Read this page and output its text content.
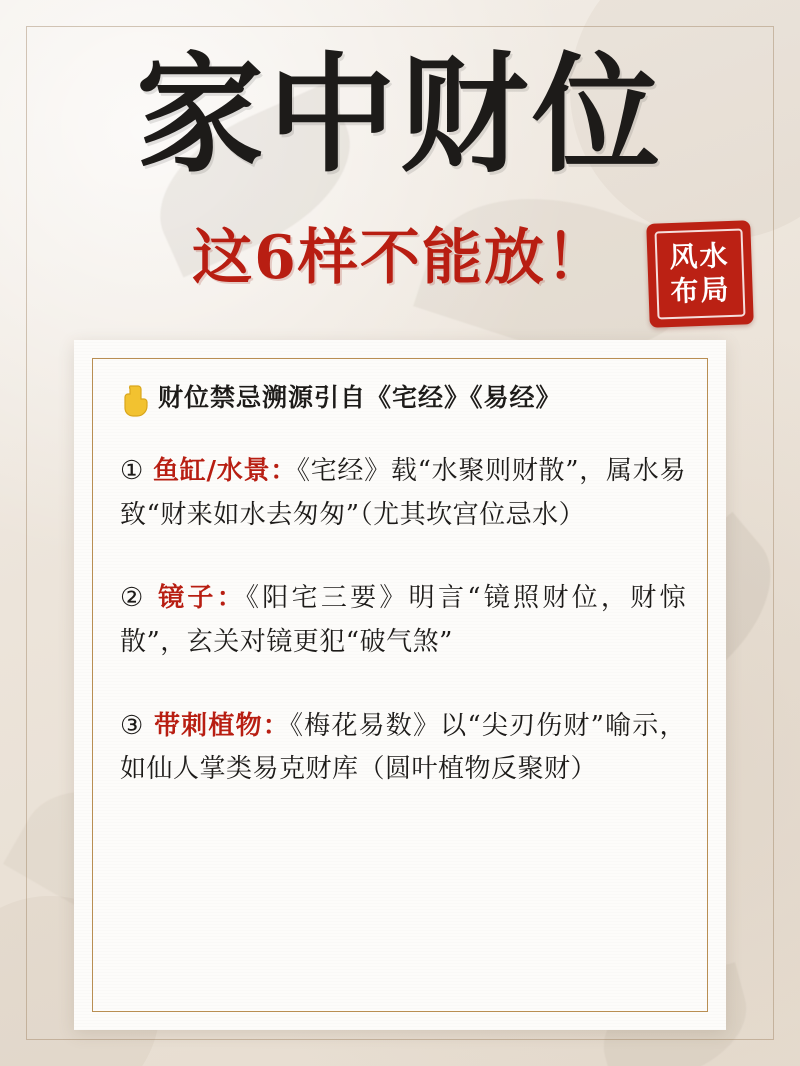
家中财位
这6样不能放！ 风水
布局
财位禁忌溯源引自《宅经》《易经》
① 鱼缸/水景：《宅经》载“水聚则财散”，属水易致“财来如水去匆匆”（尤其坎宫位忌水）
② 镜子：《阳宅三要》明言“镜照财位，财惊散”，玄关对镜更犯“破气煞”
③ 带刺植物：《梅花易数》以“尖刃伤财”喻示，如仙人掌类易克财库（圆叶植物反聚财）
